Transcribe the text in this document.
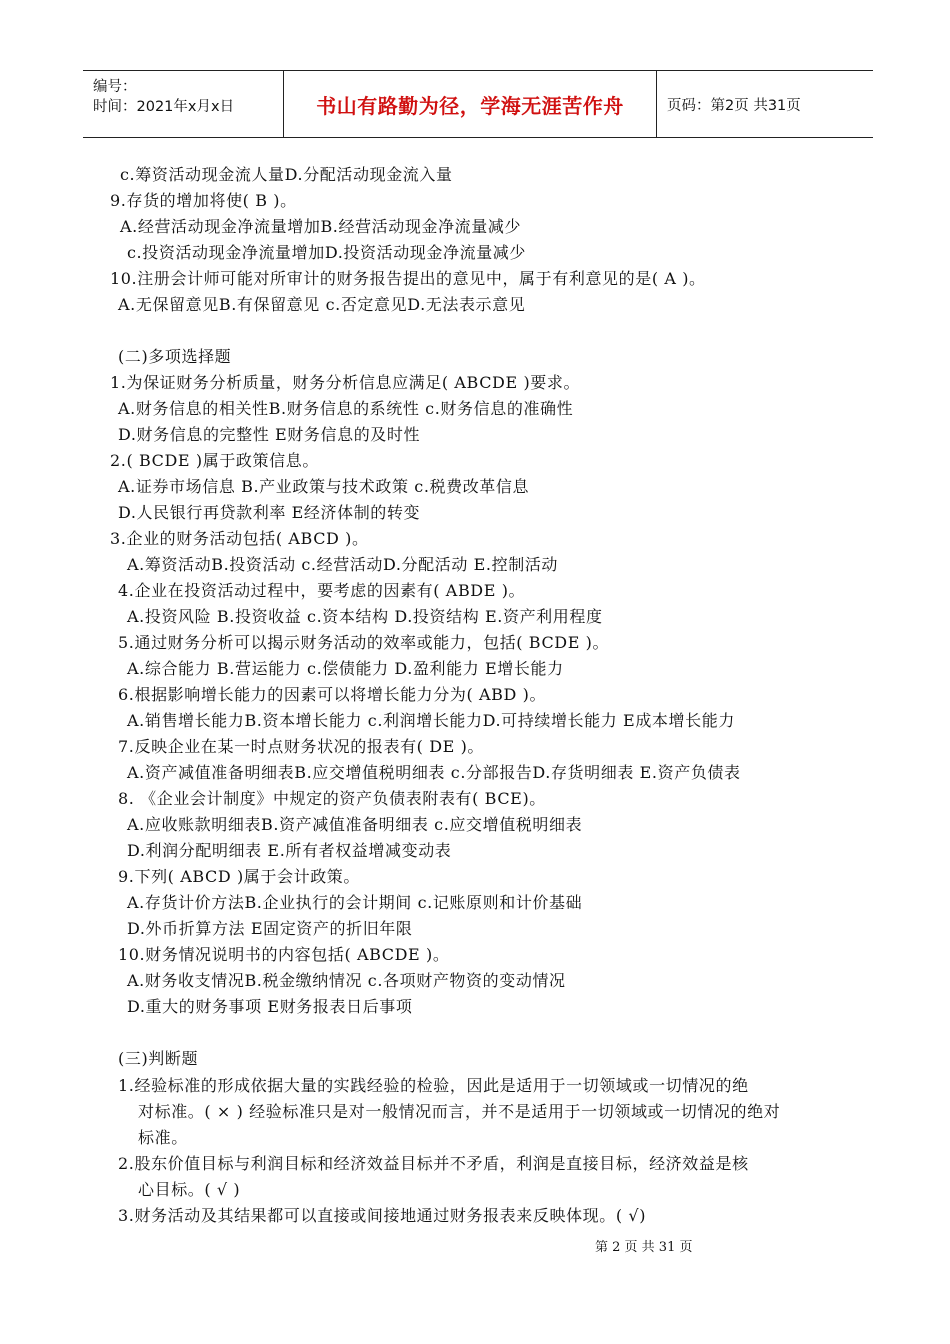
编号：
时间：2021年x月x日	书山有路勤为径，学海无涯苦作舟	页码：第2页 共31页
c.筹资活动现金流人量D.分配活动现金流入量
9.存货的增加将使( B )。
A.经营活动现金净流量增加B.经营活动现金净流量减少
c.投资活动现金净流量增加D.投资活动现金净流量减少
10.注册会计师可能对所审计的财务报告提出的意见中，属于有利意见的是( A )。
A.无保留意见B.有保留意见 c.否定意见D.无法表示意见
(二)多项选择题
1.为保证财务分析质量，财务分析信息应满足( ABCDE )要求。
A.财务信息的相关性B.财务信息的系统性 c.财务信息的准确性
D.财务信息的完整性 E财务信息的及时性
2.( BCDE )属于政策信息。
A.证券市场信息 B.产业政策与技术政策 c.税费改革信息
D.人民银行再贷款利率 E经济体制的转变
3.企业的财务活动包括( ABCD )。
A.筹资活动B.投资活动 c.经营活动D.分配活动 E.控制活动
4.企业在投资活动过程中，要考虑的因素有( ABDE )。
A.投资风险 B.投资收益 c.资本结构 D.投资结构 E.资产利用程度
5.通过财务分析可以揭示财务活动的效率或能力，包括( BCDE )。
A.综合能力 B.营运能力 c.偿债能力 D.盈利能力 E增长能力
6.根据影响增长能力的因素可以将增长能力分为( ABD )。
A.销售增长能力B.资本增长能力 c.利润增长能力D.可持续增长能力 E成本增长能力
7.反映企业在某一时点财务状况的报表有( DE )。
A.资产减值准备明细表B.应交增值税明细表 c.分部报告D.存货明细表 E.资产负债表
8. 《企业会计制度》中规定的资产负债表附表有( BCE)。
A.应收账款明细表B.资产减值准备明细表 c.应交增值税明细表
D.利润分配明细表 E.所有者权益增减变动表
9.下列( ABCD )属于会计政策。
A.存货计价方法B.企业执行的会计期间 c.记账原则和计价基础
D.外币折算方法 E固定资产的折旧年限
10.财务情况说明书的内容包括( ABCDE )。
A.财务收支情况B.税金缴纳情况 c.各项财产物资的变动情况
D.重大的财务事项 E财务报表日后事项
(三)判断题
1.经验标准的形成依据大量的实践经验的检验，因此是适用于一切领域或一切情况的绝
对标准。( × ) 经验标准只是对一般情况而言，并不是适用于一切领域或一切情况的绝对
标准。
2.股东价值目标与利润目标和经济效益目标并不矛盾，利润是直接目标，经济效益是核
心目标。( √ )
3.财务活动及其结果都可以直接或间接地通过财务报表来反映体现。( √)
第 2 页 共 31 页
